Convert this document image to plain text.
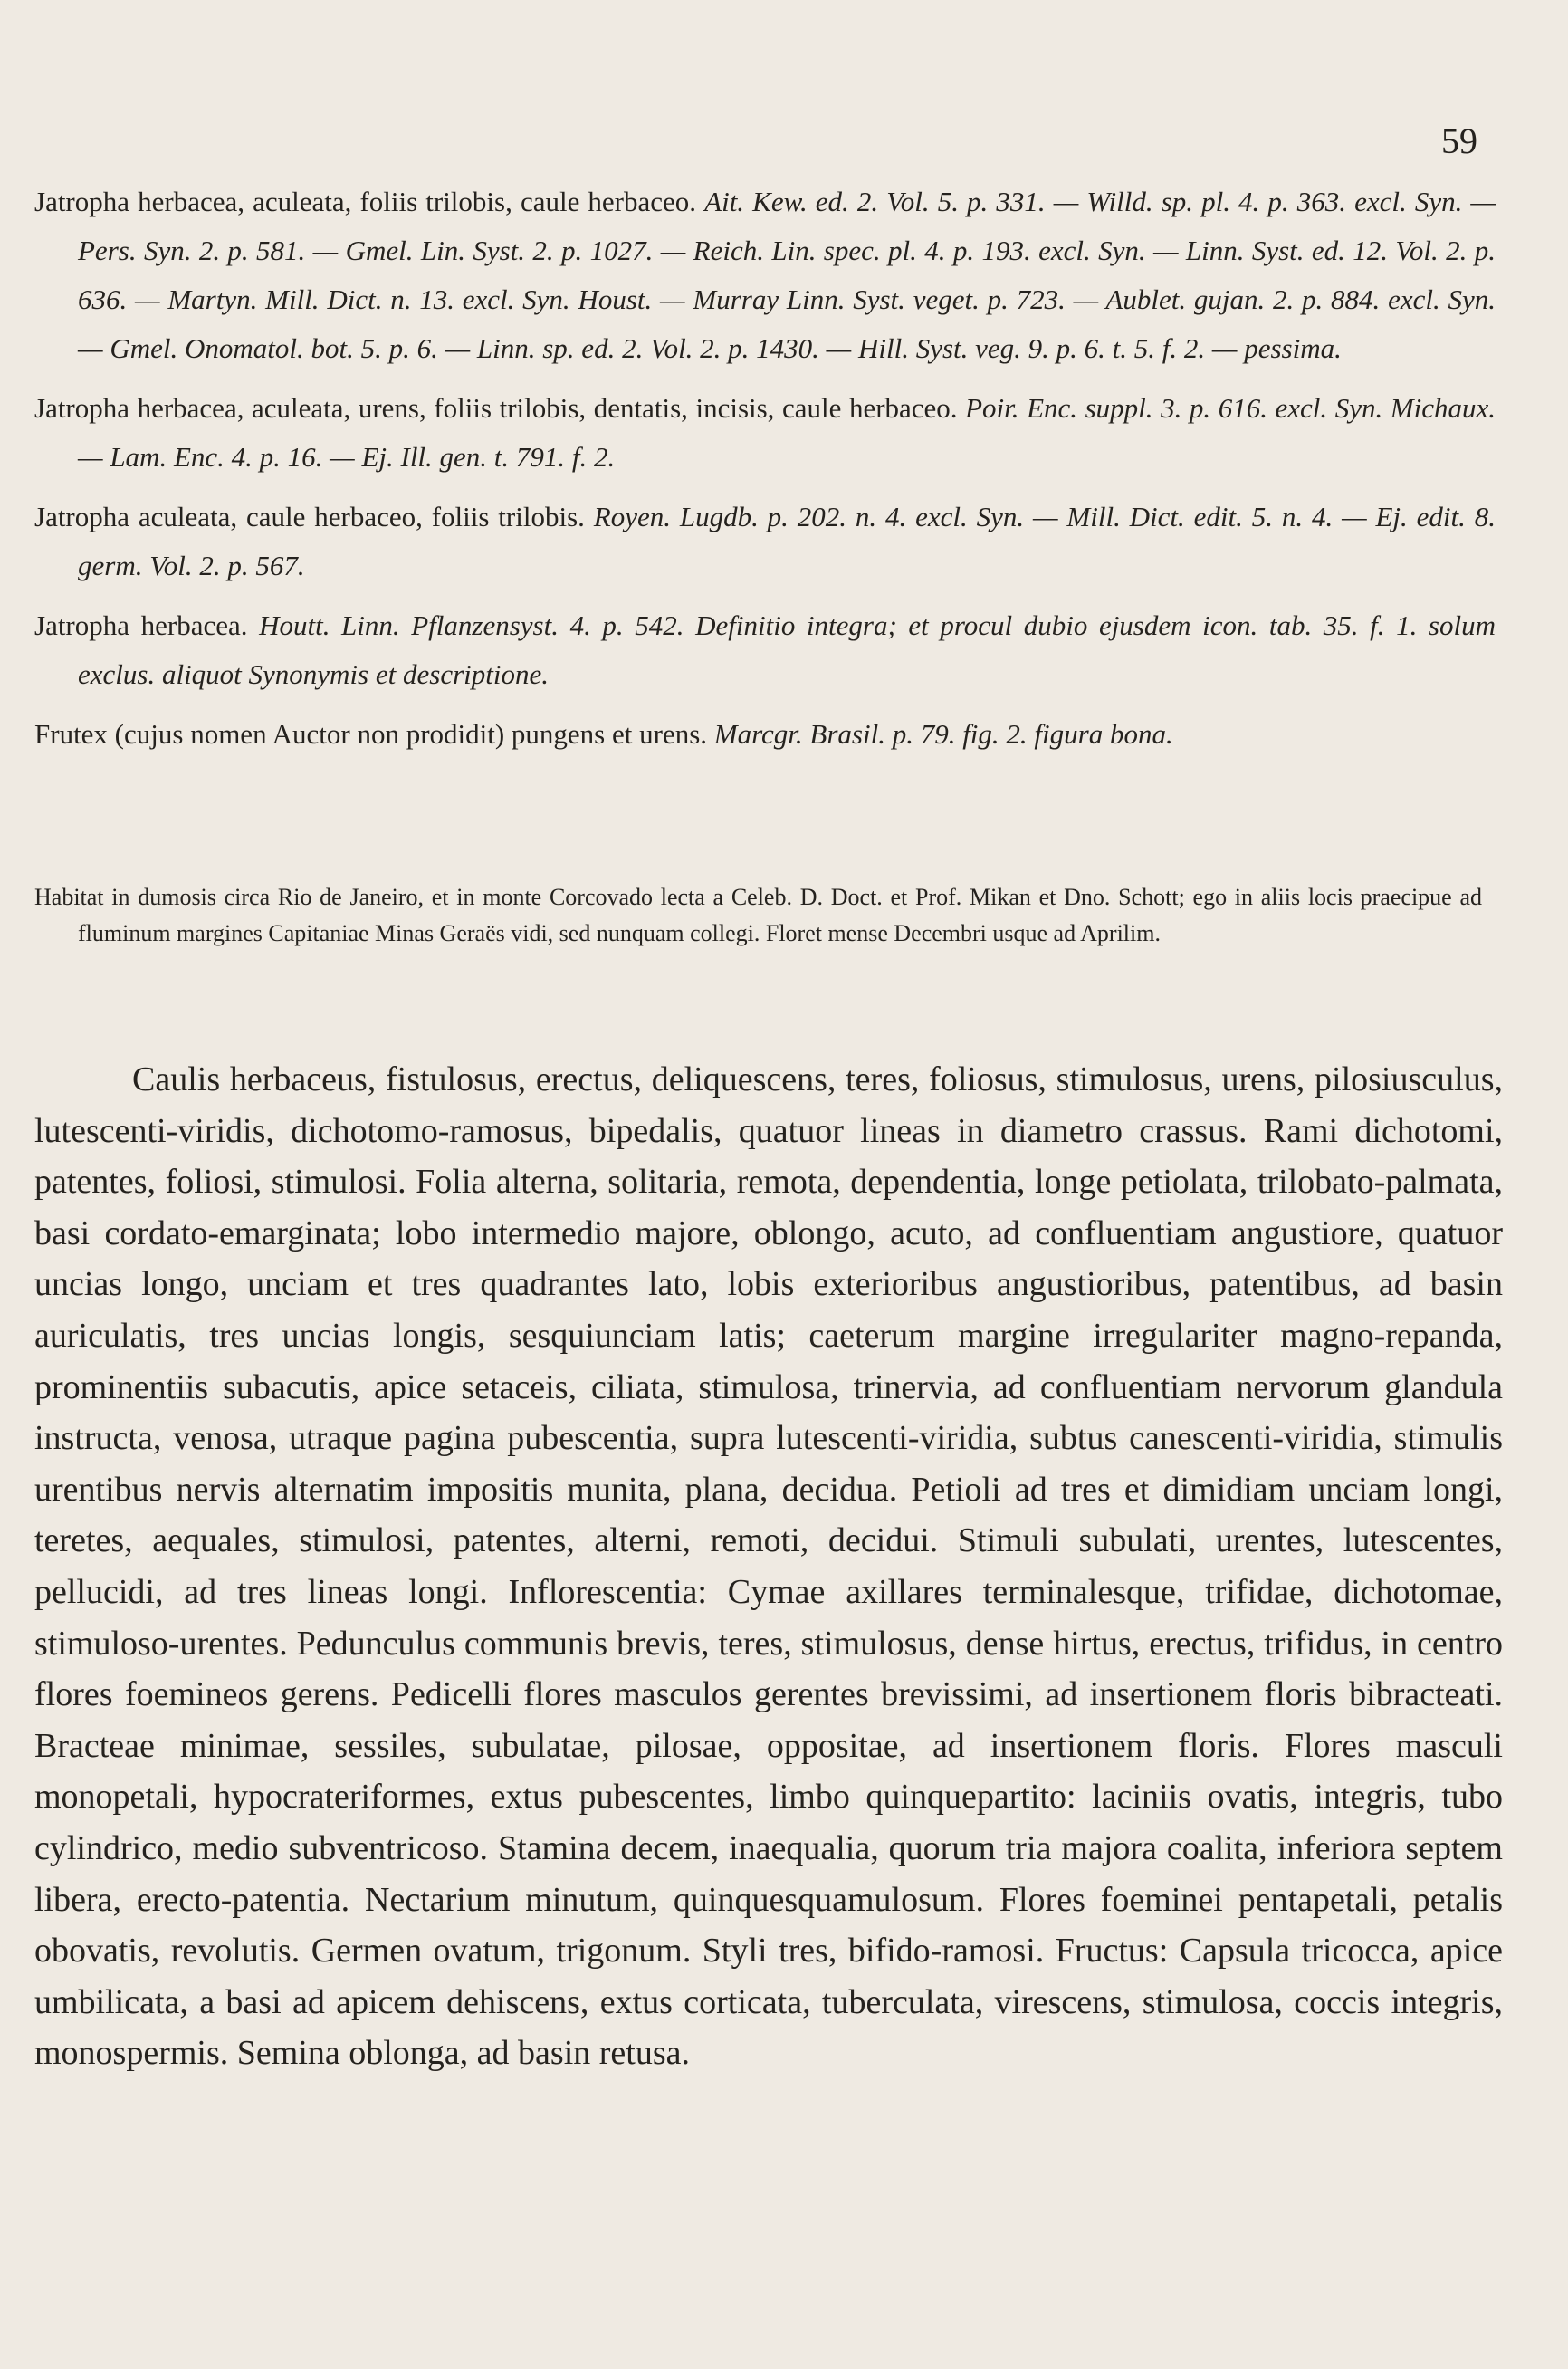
59

Jatropha herbacea, aculeata, foliis trilobis, caule herbaceo. Ait. Kew. ed. 2. Vol. 5. p. 331. — Willd. sp. pl. 4. p. 363. excl. Syn. — Pers. Syn. 2. p. 581. — Gmel. Lin. Syst. 2. p. 1027. — Reich. Lin. spec. pl. 4. p. 193. excl. Syn. — Linn. Syst. ed. 12. Vol. 2. p. 636. — Martyn. Mill. Dict. n. 13. excl. Syn. Houst. — Murray Linn. Syst. veget. p. 723. — Aublet. gujan. 2. p. 884. excl. Syn. — Gmel. Onomatol. bot. 5. p. 6. — Linn. sp. ed. 2. Vol. 2. p. 1430. — Hill. Syst. veg. 9. p. 6. t. 5. f. 2. — pessima.

Jatropha herbacea, aculeata, urens, foliis trilobis, dentatis, incisis, caule herbaceo. Poir. Enc. suppl. 3. p. 616. excl. Syn. Michaux. — Lam. Enc. 4. p. 16. — Ej. Ill. gen. t. 791. f. 2.

Jatropha aculeata, caule herbaceo, foliis trilobis. Royen. Lugdb. p. 202. n. 4. excl. Syn. — Mill. Dict. edit. 5. n. 4. — Ej. edit. 8. germ. Vol. 2. p. 567.

Jatropha herbacea. Houtt. Linn. Pflanzensyst. 4. p. 542. Definitio integra; et procul dubio ejusdem icon. tab. 35. f. 1. solum exclus. aliquot Synonymis et descriptione.

Frutex (cujus nomen Auctor non prodidit) pungens et urens. Marcgr. Brasil. p. 79. fig. 2. figura bona.

Habitat in dumosis circa Rio de Janeiro, et in monte Corcovado lecta a Celeb. D. Doct. et Prof. Mikan et Dno. Schott; ego in aliis locis praecipue ad fluminum margines Capitaniae Minas Geraës vidi, sed nunquam collegi. Floret mense Decembri usque ad Aprilim.

Caulis herbaceus, fistulosus, erectus, deliquescens, teres, foliosus, stimulosus, urens, pilosiusculus, lutescenti-viridis, dichotomo-ramosus, bipedalis, quatuor lineas in diametro crassus. Rami dichotomi, patentes, foliosi, stimulosi. Folia alterna, solitaria, remota, dependentia, longe petiolata, trilobato-palmata, basi cordato-emarginata; lobo intermedio majore, oblongo, acuto, ad confluentiam angustiore, quatuor uncias longo, unciam et tres quadrantes lato, lobis exterioribus angustioribus, patentibus, ad basin auriculatis, tres uncias longis, sesquiunciam latis; caeterum margine irregulariter magno-repanda, prominentiis subacutis, apice setaceis, ciliata, stimulosa, trinervia, ad confluentiam nervorum glandula instructa, venosa, utraque pagina pubescentia, supra lutescenti-viridia, subtus canescenti-viridia, stimulis urentibus nervis alternatim impositis munita, plana, decidua. Petioli ad tres et dimidiam unciam longi, teretes, aequales, stimulosi, patentes, alterni, remoti, decidui. Stimuli subulati, urentes, lutescentes, pellucidi, ad tres lineas longi. Inflorescentia: Cymae axillares terminalesque, trifidae, dichotomae, stimuloso-urentes. Pedunculus communis brevis, teres, stimulosus, dense hirtus, erectus, trifidus, in centro flores foemineos gerens. Pedicelli flores masculos gerentes brevissimi, ad insertionem floris bibracteati. Bracteae minimae, sessiles, subulatae, pilosae, oppositae, ad insertionem floris. Flores masculi monopetali, hypocrateriformes, extus pubescentes, limbo quinquepartito: laciniis ovatis, integris, tubo cylindrico, medio subventricoso. Stamina decem, inaequalia, quorum tria majora coalita, inferiora septem libera, erecto-patentia. Nectarium minutum, quinquesquamulosum. Flores foeminei pentapetali, petalis obovatis, revolutis. Germen ovatum, trigonum. Styli tres, bifido-ramosi. Fructus: Capsula tricocca, apice umbilicata, a basi ad apicem dehiscens, extus corticata, tuberculata, virescens, stimulosa, coccis integris, monospermis. Semina oblonga, ad basin retusa.
